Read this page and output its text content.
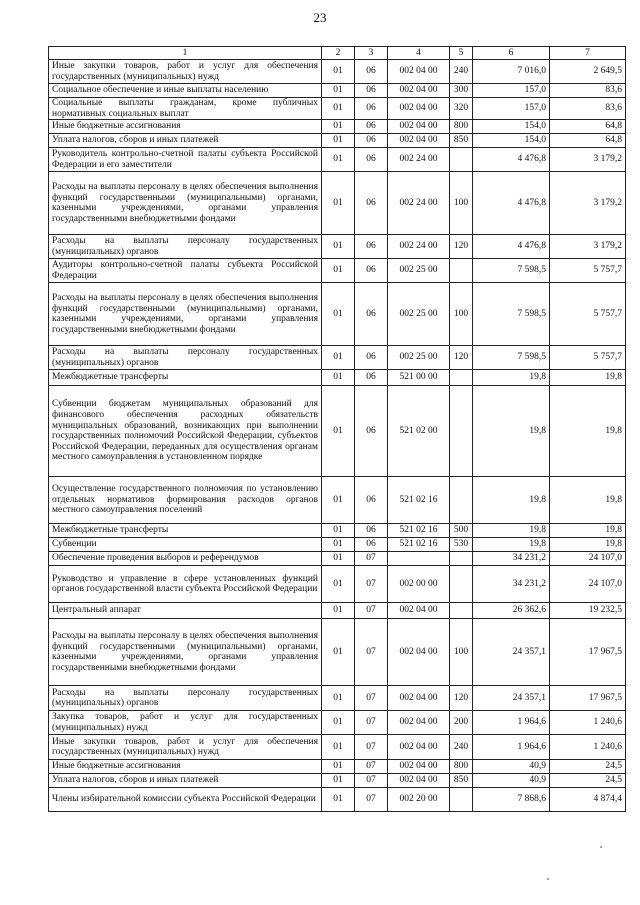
23
1	2	3	4	5	6	7
Иные закупки товаров, работ и услуг для обеспечения государственных (муниципальных) нужд	01	06	002 04 00	240	7 016,0	2 649,5
Социальное обеспечение и иные выплаты населению	01	06	002 04 00	300	157,0	83,6
Социальные выплаты гражданам, кроме публичных нормативных социальных выплат	01	06	002 04 00	320	157,0	83,6
Иные бюджетные ассигнования	01	06	002 04 00	800	154,0	64,8
Уплата налогов, сборов и иных платежей	01	06	002 04 00	850	154,0	64,8
Руководитель контрольно-счетной палаты субъекта Российской Федерации и его заместители	01	06	002 24 00		4 476,8	3 179,2
Расходы на выплаты персоналу в целях обеспечения выполнения функций государственными (муниципальными) органами, казенными учреждениями, органами управления государственными внебюджетными фондами	01	06	002 24 00	100	4 476,8	3 179,2
Расходы на выплаты персоналу государственных (муниципальных) органов	01	06	002 24 00	120	4 476,8	3 179,2
Аудиторы контрольно-счетной палаты субъекта Российской Федерации	01	06	002 25 00		7 598,5	5 757,7
Расходы на выплаты персоналу в целях обеспечения выполнения функций государственными (муниципальными) органами, казенными учреждениями, органами управления государственными внебюджетными фондами	01	06	002 25 00	100	7 598,5	5 757,7
Расходы на выплаты персоналу государственных (муниципальных) органов	01	06	002 25 00	120	7 598,5	5 757,7
Межбюджетные трансферты	01	06	521 00 00		19,8	19,8
Субвенции бюджетам муниципальных образований для финансового обеспечения расходных обязательств муниципальных образований, возникающих при выполнении государственных полномочий Российской Федерации, субъектов Российской Федерации, переданных для осуществления органам местного самоуправления в установленном порядке	01	06	521 02 00		19,8	19,8
Осуществление государственного полномочия по установлению отдельных нормативов формирования расходов органов местного самоуправления поселений	01	06	521 02 16		19,8	19,8
Межбюджетные трансферты	01	06	521 02 16	500	19,8	19,8
Субвенции	01	06	521 02 16	530	19,8	19,8
Обеспечение проведения выборов и референдумов	01	07			34 231,2	24 107,0
Руководство и управление в сфере установленных функций органов государственной власти субъекта Российской Федерации	01	07	002 00 00		34 231,2	24 107,0
Центральный аппарат	01	07	002 04 00		26 362,6	19 232,5
Расходы на выплаты персоналу в целях обеспечения выполнения функций государственными (муниципальными) органами, казенными учреждениями, органами управления государственными внебюджетными фондами	01	07	002 04 00	100	24 357,1	17 967,5
Расходы на выплаты персоналу государственных (муниципальных) органов	01	07	002 04 00	120	24 357,1	17 967,5
Закупка товаров, работ и услуг для государственных (муниципальных) нужд	01	07	002 04 00	200	1 964,6	1 240,6
Иные закупки товаров, работ и услуг для обеспечения государственных (муниципальных) нужд	01	07	002 04 00	240	1 964,6	1 240,6
Иные бюджетные ассигнования	01	07	002 04 00	800	40,9	24,5
Уплата налогов, сборов и иных платежей	01	07	002 04 00	850	40,9	24,5
Члены избирательной комиссии субъекта Российской Федерации	01	07	002 20 00		7 868,6	4 874,4
